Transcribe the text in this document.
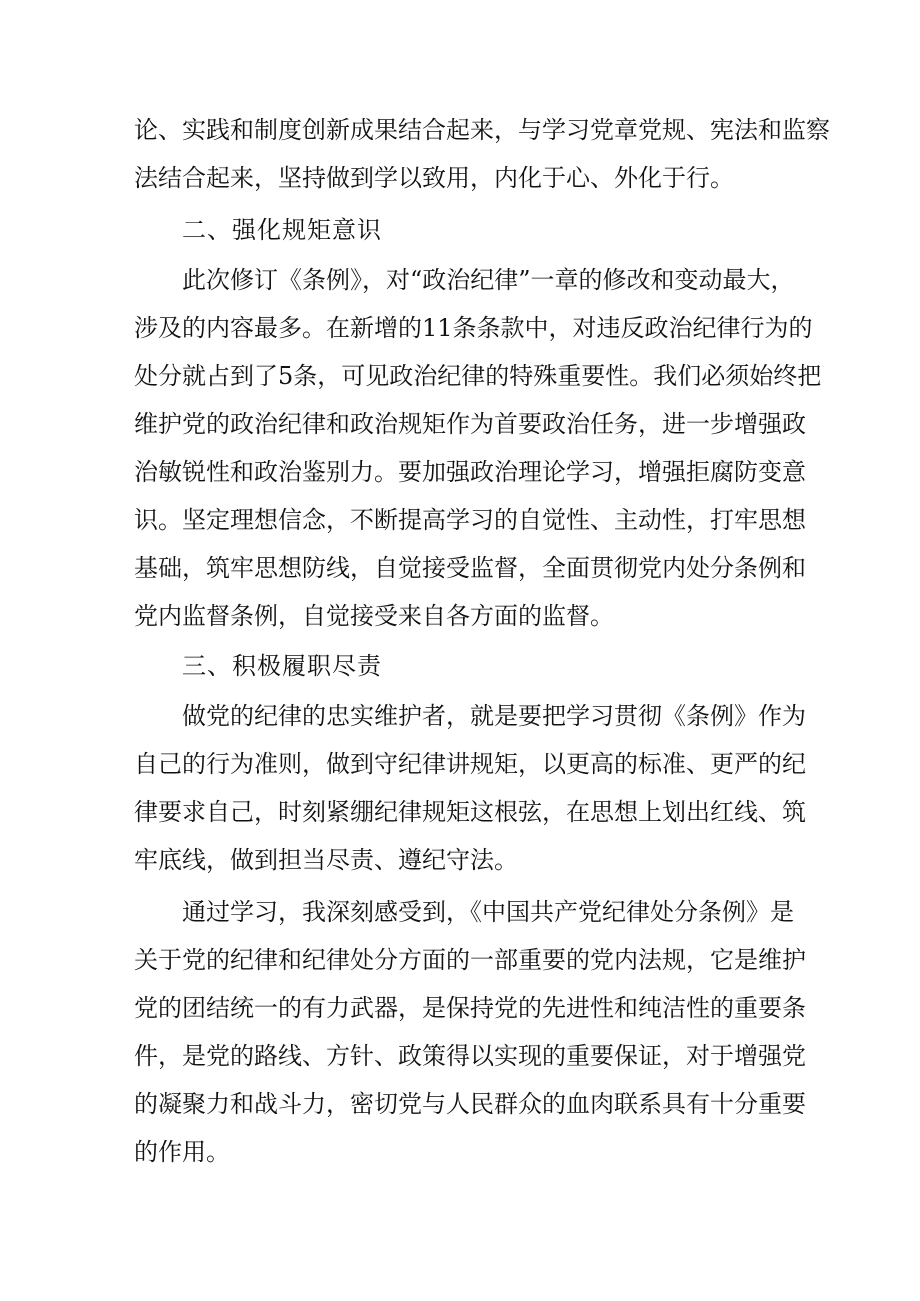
论、实践和制度创新成果结合起来，与学习党章党规、宪法和监察
法结合起来，坚持做到学以致用，内化于心、外化于行。
二、强化规矩意识
此次修订《条例》，对“政治纪律”一章的修改和变动最大，
涉及的内容最多。在新增的11条条款中，对违反政治纪律行为的
处分就占到了5条，可见政治纪律的特殊重要性。我们必须始终把
维护党的政治纪律和政治规矩作为首要政治任务，进一步增强政
治敏锐性和政治鉴别力。要加强政治理论学习，增强拒腐防变意
识。坚定理想信念，不断提高学习的自觉性、主动性，打牢思想
基础，筑牢思想防线，自觉接受监督，全面贯彻党内处分条例和
党内监督条例，自觉接受来自各方面的监督。
三、积极履职尽责
做党的纪律的忠实维护者，就是要把学习贯彻《条例》作为
自己的行为准则，做到守纪律讲规矩，以更高的标准、更严的纪
律要求自己，时刻紧绷纪律规矩这根弦，在思想上划出红线、筑
牢底线，做到担当尽责、遵纪守法。
通过学习，我深刻感受到，《中国共产党纪律处分条例》是
关于党的纪律和纪律处分方面的一部重要的党内法规，它是维护
党的团结统一的有力武器，是保持党的先进性和纯洁性的重要条
件，是党的路线、方针、政策得以实现的重要保证，对于增强党
的凝聚力和战斗力，密切党与人民群众的血肉联系具有十分重要
的作用。
